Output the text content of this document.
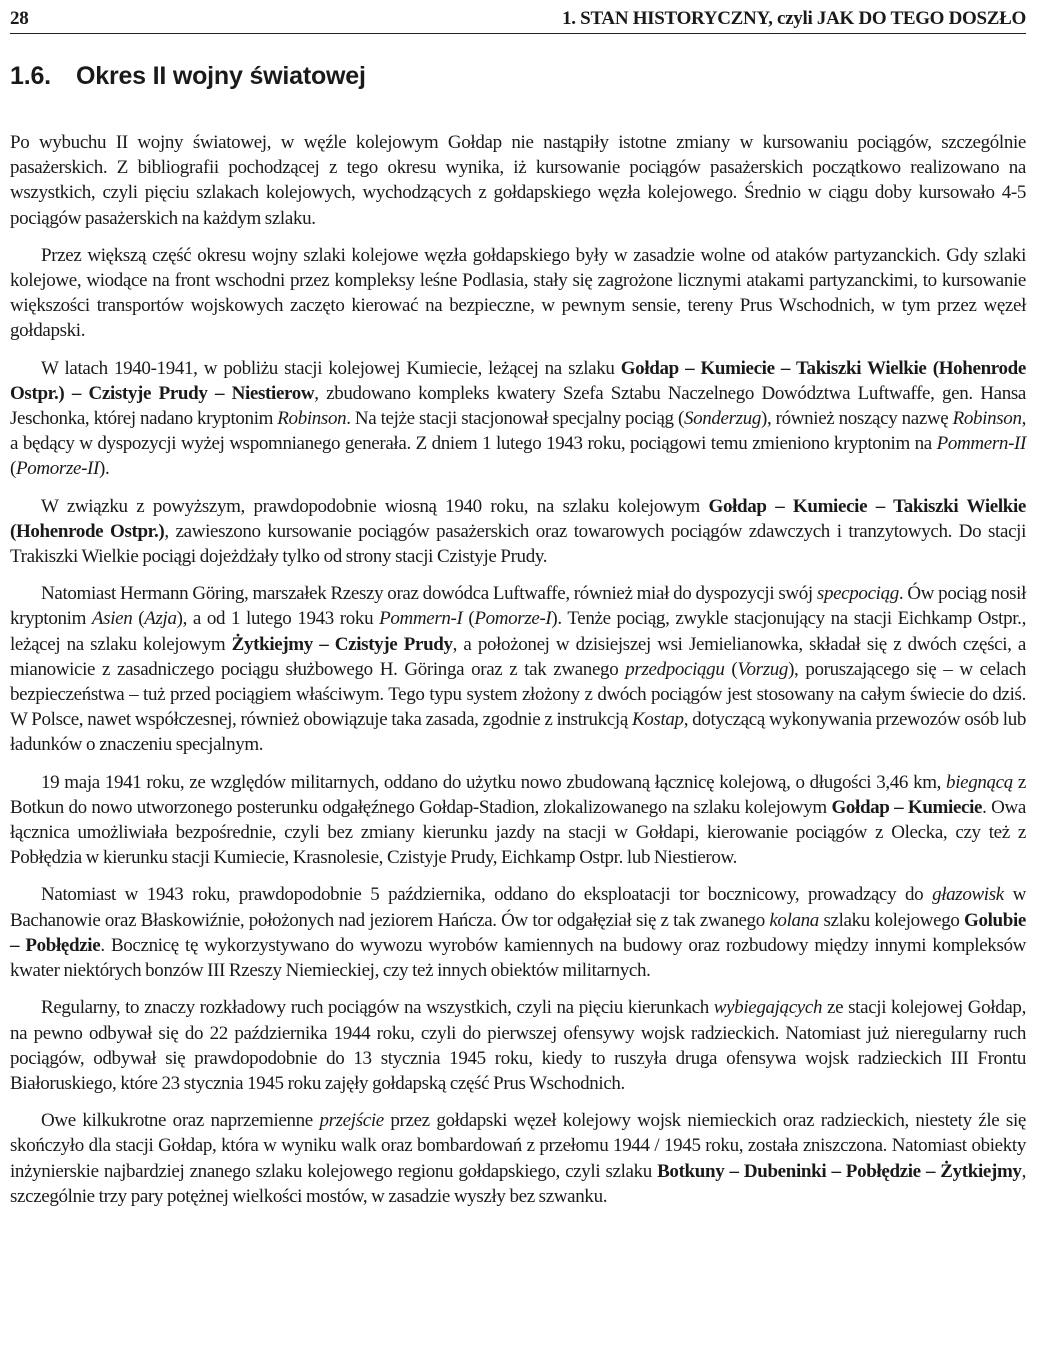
28	1. STAN HISTORYCZNY, czyli JAK DO TEGO DOSZŁO
1.6. Okres II wojny światowej

Po wybuchu II wojny światowej, w węźle kolejowym Gołdap nie nastąpiły istotne zmiany w kursowaniu pociągów, szczególnie pasażerskich. Z bibliografii pochodzącej z tego okresu wynika, iż kursowanie pociągów pasażerskich początkowo realizowano na wszystkich, czyli pięciu szlakach kolejowych, wychodzących z gołdapskiego węzła kolejowego. Średnio w ciągu doby kursowało 4-5 pociągów pasażerskich na każdym szlaku.

Przez większą część okresu wojny szlaki kolejowe węzła gołdapskiego były w zasadzie wolne od ataków partyzanckich. Gdy szlaki kolejowe, wiodące na front wschodni przez kompleksy leśne Podlasia, stały się zagrożone licznymi atakami partyzanckimi, to kursowanie większości transportów wojskowych zaczęto kierować na bezpieczne, w pewnym sensie, tereny Prus Wschodnich, w tym przez węzeł gołdapski.

W latach 1940-1941, w pobliżu stacji kolejowej Kumiecie, leżącej na szlaku Gołdap – Kumiecie – Takiszki Wielkie (Hohenrode Ostpr.) – Czistyje Prudy – Niestierow, zbudowano kompleks kwatery Szefa Sztabu Naczelnego Dowództwa Luftwaffe, gen. Hansa Jeschonka, której nadano kryptonim Robinson. Na tejże stacji stacjonował specjalny pociąg (Sonderzug), również noszący nazwę Robinson, a będący w dyspozycji wyżej wspomnianego generała. Z dniem 1 lutego 1943 roku, pociągowi temu zmieniono kryptonim na Pommern-II (Pomorze-II).

W związku z powyższym, prawdopodobnie wiosną 1940 roku, na szlaku kolejowym Gołdap – Kumiecie – Takiszki Wielkie (Hohenrode Ostpr.), zawieszono kursowanie pociągów pasażerskich oraz towarowych pociągów zdawczych i tranzytowych. Do stacji Trakiszki Wielkie pociągi dojeżdżały tylko od strony stacji Czistyje Prudy.

Natomiast Hermann Göring, marszałek Rzeszy oraz dowódca Luftwaffe, również miał do dyspozycji swój specpociąg. Ów pociąg nosił kryptonim Asien (Azja), a od 1 lutego 1943 roku Pommern-I (Pomorze-I). Tenże pociąg, zwykle stacjonujący na stacji Eichkamp Ostpr., leżącej na szlaku kolejowym Żytkiejmy – Czistyje Prudy, a położonej w dzisiejszej wsi Jemielianowka, składał się z dwóch części, a mianowicie z zasadniczego pociągu służbowego H. Göringa oraz z tak zwanego przedpociągu (Vorzug), poruszającego się – w celach bezpieczeństwa – tuż przed pociągiem właściwym. Tego typu system złożony z dwóch pociągów jest stosowany na całym świecie do dziś. W Polsce, nawet współczesnej, również obowiązuje taka zasada, zgodnie z instrukcją Kostap, dotyczącą wykonywania przewozów osób lub ładunków o znaczeniu specjalnym.

19 maja 1941 roku, ze względów militarnych, oddano do użytku nowo zbudowaną łącznicę kolejową, o długości 3,46 km, biegnącą z Botkun do nowo utworzonego posterunku odgałęźnego Gołdap-Stadion, zlokalizowanego na szlaku kolejowym Gołdap – Kumiecie. Owa łącznica umożliwiała bezpośrednie, czyli bez zmiany kierunku jazdy na stacji w Gołdapi, kierowanie pociągów z Olecka, czy też z Pobłędzia w kierunku stacji Kumiecie, Krasnolesie, Czistyje Prudy, Eichkamp Ostpr. lub Niestierow.

Natomiast w 1943 roku, prawdopodobnie 5 października, oddano do eksploatacji tor bocznicowy, prowadzący do głazowisk w Bachanowie oraz Błaskowiźnie, położonych nad jeziorem Hańcza. Ów tor odgałęział się z tak zwanego kolana szlaku kolejowego Golubie – Pobłędzie. Bocznicę tę wykorzystywano do wywozu wyrobów kamiennych na budowy oraz rozbudowy między innymi kompleksów kwater niektórych bonzów III Rzeszy Niemieckiej, czy też innych obiektów militarnych.

Regularny, to znaczy rozkładowy ruch pociągów na wszystkich, czyli na pięciu kierunkach wybiegających ze stacji kolejowej Gołdap, na pewno odbywał się do 22 października 1944 roku, czyli do pierwszej ofensywy wojsk radzieckich. Natomiast już nieregularny ruch pociągów, odbywał się prawdopodobnie do 13 stycznia 1945 roku, kiedy to ruszyła druga ofensywa wojsk radzieckich III Frontu Białoruskiego, które 23 stycznia 1945 roku zajęły gołdapską część Prus Wschodnich.

Owe kilkukrotne oraz naprzemienne przejście przez gołdapski węzeł kolejowy wojsk niemieckich oraz radzieckich, niestety źle się skończyło dla stacji Gołdap, która w wyniku walk oraz bombardowań z przełomu 1944 / 1945 roku, została zniszczona. Natomiast obiekty inżynierskie najbardziej znanego szlaku kolejowego regionu gołdapskiego, czyli szlaku Botkuny – Dubeninki – Pobłędzie – Żytkiejmy, szczególnie trzy pary potężnej wielkości mostów, w zasadzie wyszły bez szwanku.
